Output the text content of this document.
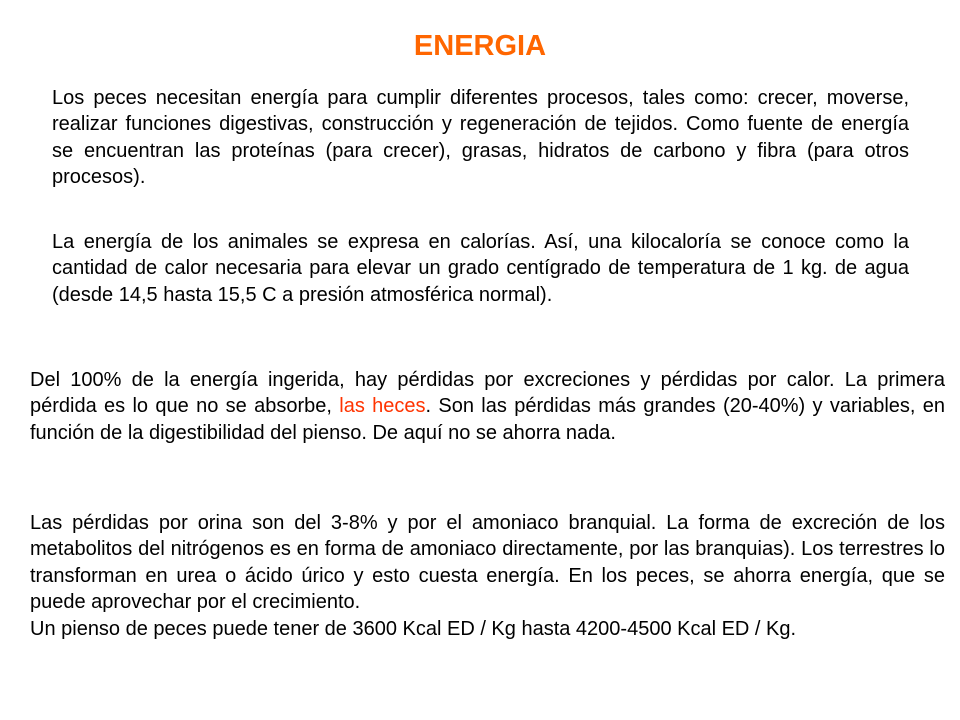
ENERGIA

Los peces necesitan energía para cumplir diferentes procesos, tales como: crecer, moverse, realizar funciones digestivas, construcción y regeneración de tejidos. Como fuente de energía se encuentran las proteínas (para crecer), grasas, hidratos de carbono y fibra (para otros procesos).

La energía de los animales se expresa en calorías. Así, una kilocaloría se conoce como la cantidad de calor necesaria para elevar un grado centígrado de temperatura de 1 kg. de agua (desde 14,5 hasta 15,5 C a presión atmosférica normal).

Del 100% de la energía ingerida, hay pérdidas por excreciones y pérdidas por calor. La primera pérdida es lo que no se absorbe, las heces. Son las pérdidas más grandes (20-40%) y variables, en función de la digestibilidad del pienso. De aquí no se ahorra nada.

Las pérdidas por orina son del 3-8% y por el amoniaco branquial. La forma de excreción de los metabolitos del nitrógenos es en forma de amoniaco directamente, por las branquias). Los terrestres lo transforman en urea o ácido úrico y esto cuesta energía. En los peces, se ahorra energía, que se puede aprovechar por el crecimiento.

Un pienso de peces puede tener de 3600 Kcal ED / Kg hasta 4200-4500 Kcal ED / Kg.
